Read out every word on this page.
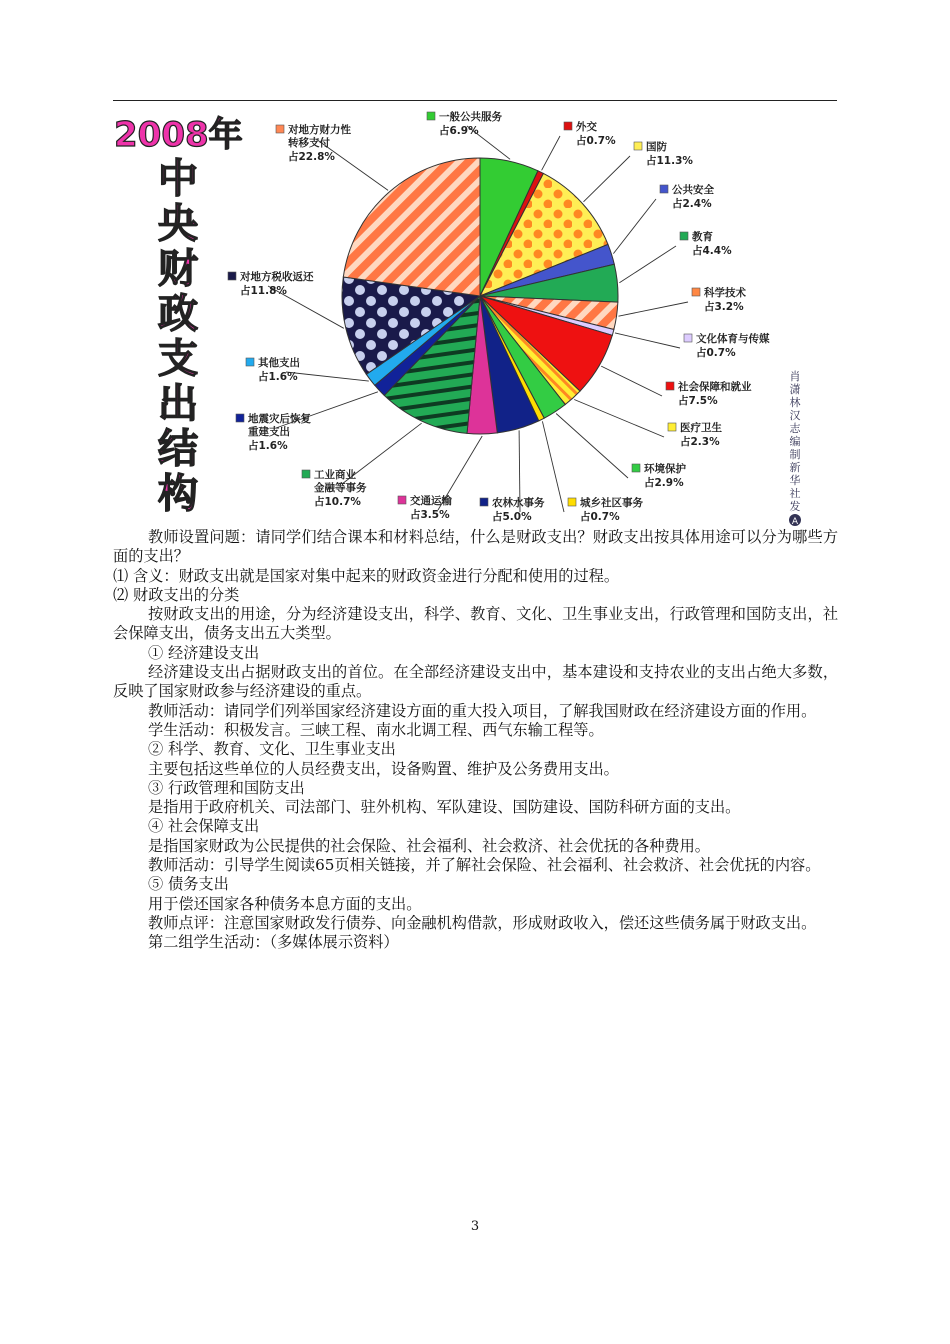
2008年
中
央
财
政
支
出
结
构
肖
潇
林
汉
志
编
制
新
华
社
发
A
一般公共服务
占6.9%	外交
占0.7%	国防
占11.3%
公共安全
占2.4%
教育
占4.4%
科学技术
占3.2%
文化体育与传媒
占0.7%
社会保障和就业
占7.5%
医疗卫生
占2.3%
环境保护
占2.9%
城乡社区事务
占0.7%
农林水事务
占5.0%
交通运输
占3.5%
工业商业金融等事务
占10.7%
地震灾后恢复重建支出
占1.6%
其他支出
占1.6%
对地方税收返还
占11.8%
对地方财力性转移支付
占22.8%

教师设置问题：请同学们结合课本和材料总结，什么是财政支出？财政支出按具体用途可以分为哪些方面的支出？

⑴ 含义：财政支出就是国家对集中起来的财政资金进行分配和使用的过程。

⑵ 财政支出的分类

按财政支出的用途，分为经济建设支出，科学、教育、文化、卫生事业支出，行政管理和国防支出，社会保障支出，债务支出五大类型。

① 经济建设支出

经济建设支出占据财政支出的首位。在全部经济建设支出中，基本建设和支持农业的支出占绝大多数，反映了国家财政参与经济建设的重点。

教师活动：请同学们列举国家经济建设方面的重大投入项目，了解我国财政在经济建设方面的作用。

学生活动：积极发言。三峡工程、南水北调工程、西气东输工程等。

② 科学、教育、文化、卫生事业支出

主要包括这些单位的人员经费支出，设备购置、维护及公务费用支出。

③ 行政管理和国防支出

是指用于政府机关、司法部门、驻外机构、军队建设、国防建设、国防科研方面的支出。

④ 社会保障支出

是指国家财政为公民提供的社会保险、社会福利、社会救济、社会优抚的各种费用。

教师活动：引导学生阅读65页相关链接，并了解社会保险、社会福利、社会救济、社会优抚的内容。

⑤ 债务支出

用于偿还国家各种债务本息方面的支出。

教师点评：注意国家财政发行债券、向金融机构借款，形成财政收入，偿还这些债务属于财政支出。

第二组学生活动：（多媒体展示资料）

3
